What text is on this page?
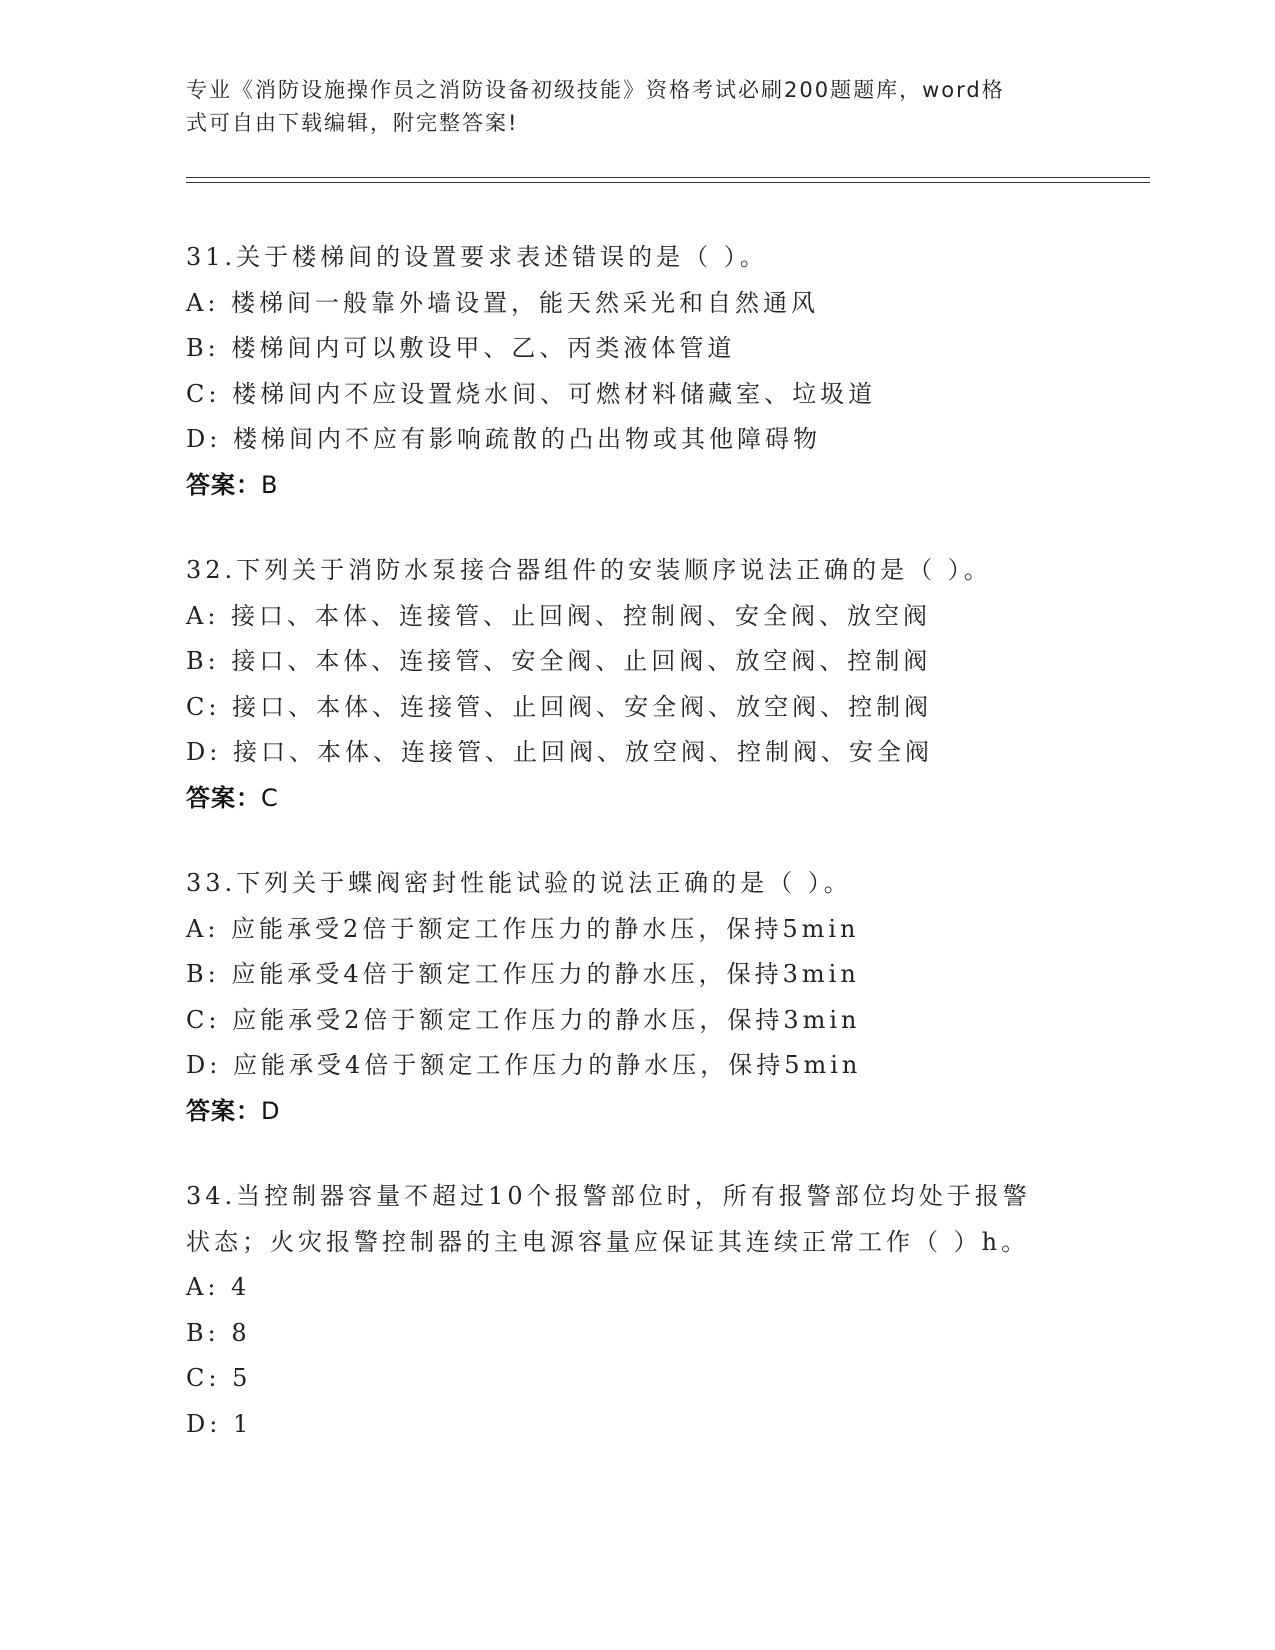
专业《消防设施操作员之消防设备初级技能》资格考试必刷200题题库，word格
式可自由下载编辑，附完整答案!
31.关于楼梯间的设置要求表述错误的是（ ）。
A: 楼梯间一般靠外墙设置，能天然采光和自然通风
B: 楼梯间内可以敷设甲、乙、丙类液体管道
C: 楼梯间内不应设置烧水间、可燃材料储藏室、垃圾道
D: 楼梯间内不应有影响疏散的凸出物或其他障碍物
答案：B
32.下列关于消防水泵接合器组件的安装顺序说法正确的是（ ）。
A: 接口、本体、连接管、止回阀、控制阀、安全阀、放空阀
B: 接口、本体、连接管、安全阀、止回阀、放空阀、控制阀
C: 接口、本体、连接管、止回阀、安全阀、放空阀、控制阀
D: 接口、本体、连接管、止回阀、放空阀、控制阀、安全阀
答案：C
33.下列关于蝶阀密封性能试验的说法正确的是（ ）。
A: 应能承受2倍于额定工作压力的静水压，保持5min
B: 应能承受4倍于额定工作压力的静水压，保持3min
C: 应能承受2倍于额定工作压力的静水压，保持3min
D: 应能承受4倍于额定工作压力的静水压，保持5min
答案：D
34.当控制器容量不超过10个报警部位时，所有报警部位均处于报警
状态；火灾报警控制器的主电源容量应保证其连续正常工作（ ）h。
A: 4
B: 8
C: 5
D: 1
